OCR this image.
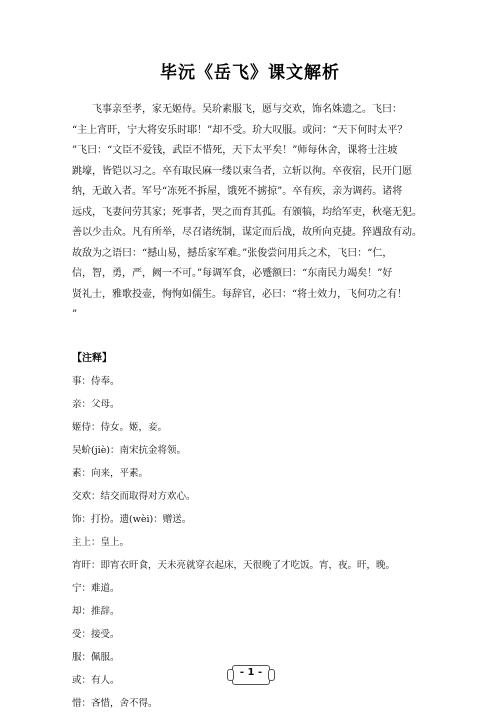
毕沅《岳飞》课文解析
　　飞事亲至孝，家无姬侍。吴玠素服飞，愿与交欢，饰名姝遗之。飞曰：
“主上宵旰，宁大将安乐时耶！”却不受。玠大叹服。或问：“天下何时太平？
”飞曰：“文臣不爱钱，武臣不惜死，天下太平矣！”师每休舍，课将士注坡
跳壕，皆铠以习之。卒有取民麻一缕以束刍者，立斩以徇。卒夜宿，民开门愿
纳，无敢入者。军号“冻死不拆屋，饿死不掳掠”。卒有疾，亲为调药。诸将
远戍，飞妻问劳其家；死事者，哭之而育其孤。有颁犒，均给军吏，秋毫无犯。
善以少击众。凡有所举，尽召诸统制，谋定而后战，故所向克捷。猝遇敌有动。
故敌为之语曰：“撼山易，撼岳家军难。”张俊尝问用兵之术，飞曰：“仁，
信，智，勇，严，阙一不可。”每调军食，必蹙额曰：“东南民力竭矣！”好
贤礼士，雅歌投壶，恂恂如儒生。每辞官，必曰：“将士效力，飞何功之有！
”
【注释】
事：侍奉。
亲：父母。
姬侍：侍女。姬，妾。
吴蚧(jiè)：南宋抗金将领。
素：向来，平素。
交欢：结交而取得对方欢心。
饰：打扮。遗(wèi)：赠送。
主上：皇上。
宵旰：即宵衣旰食，天未亮就穿衣起床，天很晚了才吃饭。宵，夜。旰，晚。
宁：难道。
却：推辞。
受：接受。
服：佩服。
或：有人。
惜：吝惜，舍不得。
- 1 -
